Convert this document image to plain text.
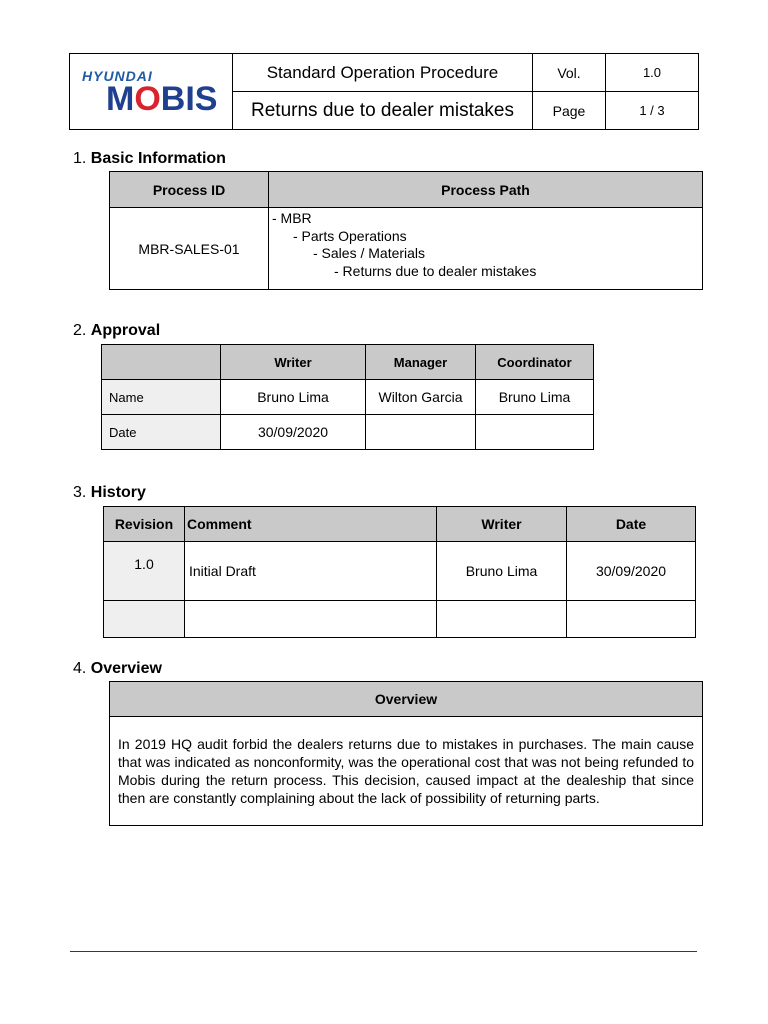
HYUNDAI
MOBIS	Standard Operation Procedure	Vol.	1.0
	Returns due to dealer mistakes	Page	1 / 3
1. Basic Information
Process ID	Process Path
MBR-SALES-01	- MBR
- Parts Operations
- Sales / Materials
- Returns due to dealer mistakes
2. Approval
	Writer	Manager	Coordinator
Name	Bruno Lima	Wilton Garcia	Bruno Lima
Date	30/09/2020		
3. History
Revision	Comment	Writer	Date
1.0	Initial Draft	Bruno Lima	30/09/2020

4. Overview
Overview
In 2019 HQ audit forbid the dealers returns due to mistakes in purchases. The main cause that was indicated as nonconformity, was the operational cost that was not being refunded to Mobis during the return process. This decision, caused impact at the dealeship that since then are constantly complaining about the lack of possibility of returning parts.
